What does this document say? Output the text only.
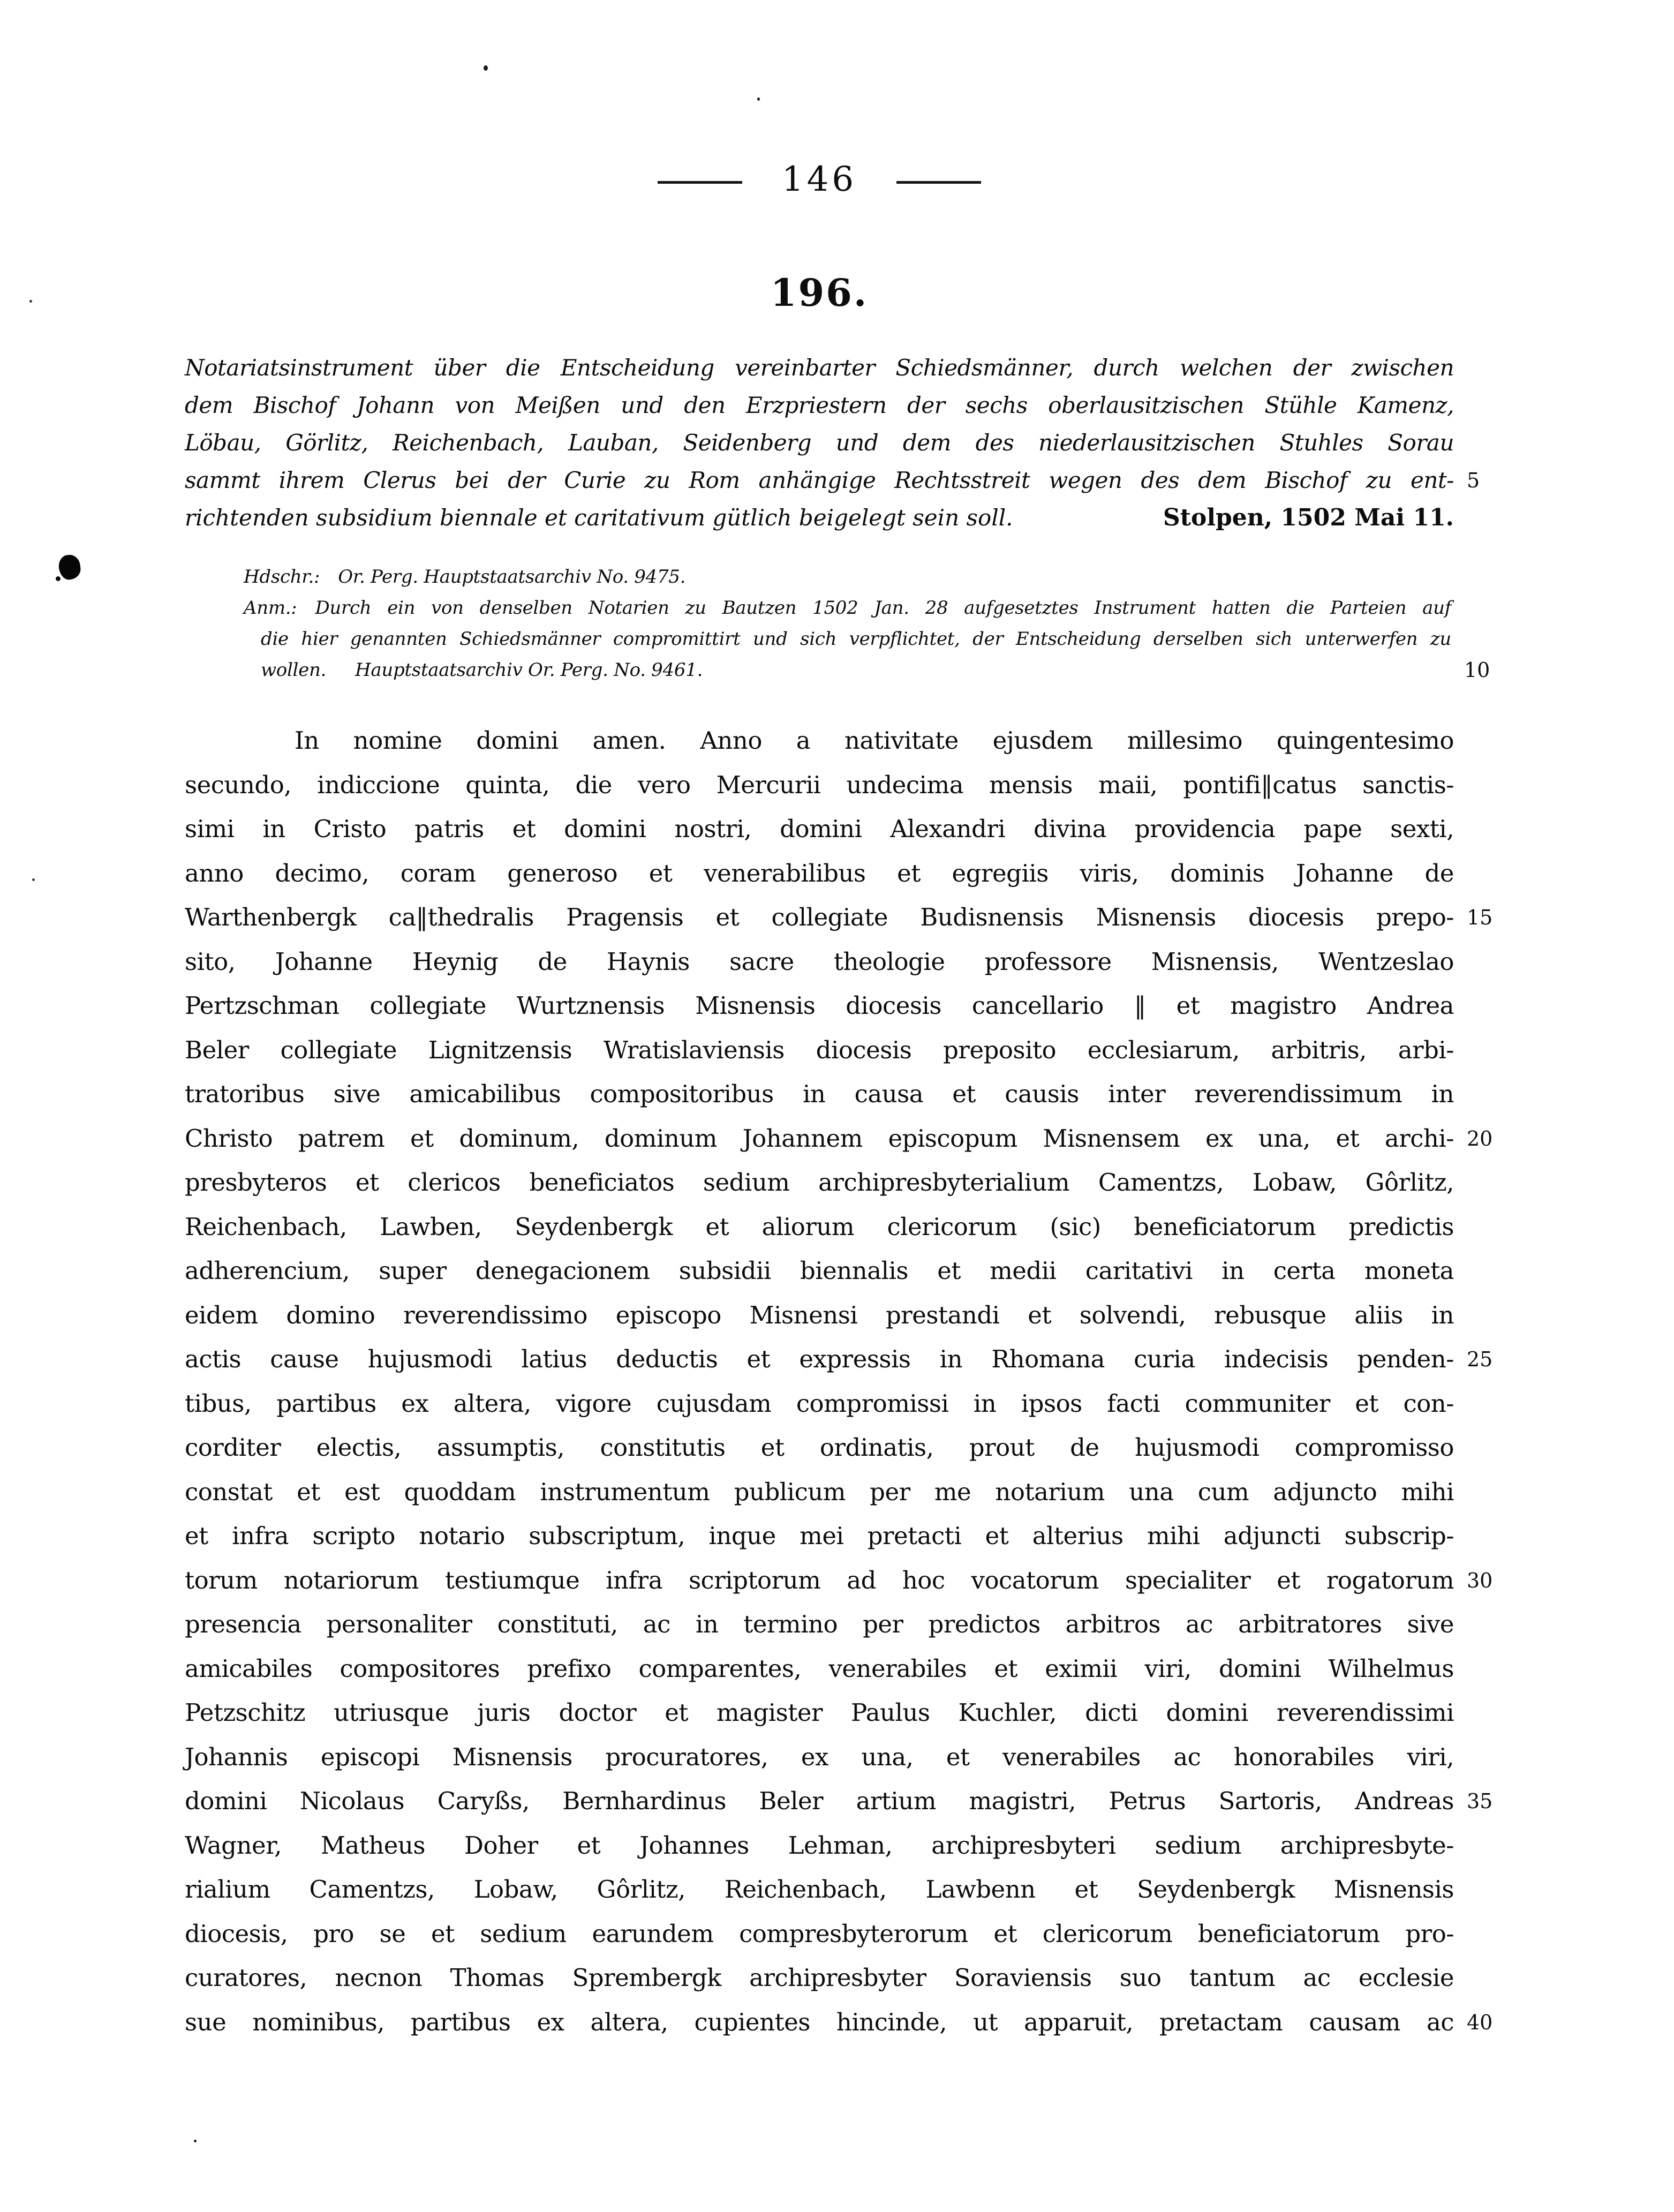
146
196.
Notariatsinstrument über die Entscheidung vereinbarter Schiedsmänner, durch welchen der zwischen
dem Bischof Johann von Meißen und den Erzpriestern der sechs oberlausitzischen Stühle Kamenz,
Löbau, Görlitz, Reichenbach, Lauban, Seidenberg und dem des niederlausitzischen Stuhles Sorau
sammt ihrem Clerus bei der Curie zu Rom anhängige Rechtsstreit wegen des dem Bischof zu ent- 5
richtenden subsidium biennale et caritativum gütlich beigelegt sein soll.	Stolpen, 1502 Mai 11.
Hdschr.: Or. Perg. Hauptstaatsarchiv No. 9475.
Anm.: Durch ein von denselben Notarien zu Bautzen 1502 Jan. 28 aufgesetztes Instrument hatten die Parteien auf
die hier genannten Schiedsmänner compromittirt und sich verpflichtet, der Entscheidung derselben sich unterwerfen zu
wollen. Hauptstaatsarchiv Or. Perg. No. 9461.	10
In nomine domini amen. Anno a nativitate ejusdem millesimo quingentesimo
secundo, indiccione quinta, die vero Mercurii undecima mensis maii, pontifi‖catus sanctis-
simi in Cristo patris et domini nostri, domini Alexandri divina providencia pape sexti,
anno decimo, coram generoso et venerabilibus et egregiis viris, dominis Johanne de
Warthenbergk ca‖thedralis Pragensis et collegiate Budisnensis Misnensis diocesis prepo- 15
sito, Johanne Heynig de Haynis sacre theologie professore Misnensis, Wentzeslao
Pertzschman collegiate Wurtznensis Misnensis diocesis cancellario ‖ et magistro Andrea
Beler collegiate Lignitzensis Wratislaviensis diocesis preposito ecclesiarum, arbitris, arbi-
tratoribus sive amicabilibus compositoribus in causa et causis inter reverendissimum in
Christo patrem et dominum, dominum Johannem episcopum Misnensem ex una, et archi- 20
presbyteros et clericos beneficiatos sedium archipresbyterialium Camentzs, Lobaw, Gôrlitz,
Reichenbach, Lawben, Seydenbergk et aliorum clericorum (sic) beneficiatorum predictis
adherencium, super denegacionem subsidii biennalis et medii caritativi in certa moneta
eidem domino reverendissimo episcopo Misnensi prestandi et solvendi, rebusque aliis in
actis cause hujusmodi latius deductis et expressis in Rhomana curia indecisis penden- 25
tibus, partibus ex altera, vigore cujusdam compromissi in ipsos facti communiter et con-
corditer electis, assumptis, constitutis et ordinatis, prout de hujusmodi compromisso
constat et est quoddam instrumentum publicum per me notarium una cum adjuncto mihi
et infra scripto notario subscriptum, inque mei pretacti et alterius mihi adjuncti subscrip-
torum notariorum testiumque infra scriptorum ad hoc vocatorum specialiter et rogatorum 30
presencia personaliter constituti, ac in termino per predictos arbitros ac arbitratores sive
amicabiles compositores prefixo comparentes, venerabiles et eximii viri, domini Wilhelmus
Petzschitz utriusque juris doctor et magister Paulus Kuchler, dicti domini reverendissimi
Johannis episcopi Misnensis procuratores, ex una, et venerabiles ac honorabiles viri,
domini Nicolaus Caryßs, Bernhardinus Beler artium magistri, Petrus Sartoris, Andreas 35
Wagner, Matheus Doher et Johannes Lehman, archipresbyteri sedium archipresbyte-
rialium Camentzs, Lobaw, Gôrlitz, Reichenbach, Lawbenn et Seydenbergk Misnensis
diocesis, pro se et sedium earundem compresbyterorum et clericorum beneficiatorum pro-
curatores, necnon Thomas Sprembergk archipresbyter Soraviensis suo tantum ac ecclesie
sue nominibus, partibus ex altera, cupientes hincinde, ut apparuit, pretactam causam ac 40
